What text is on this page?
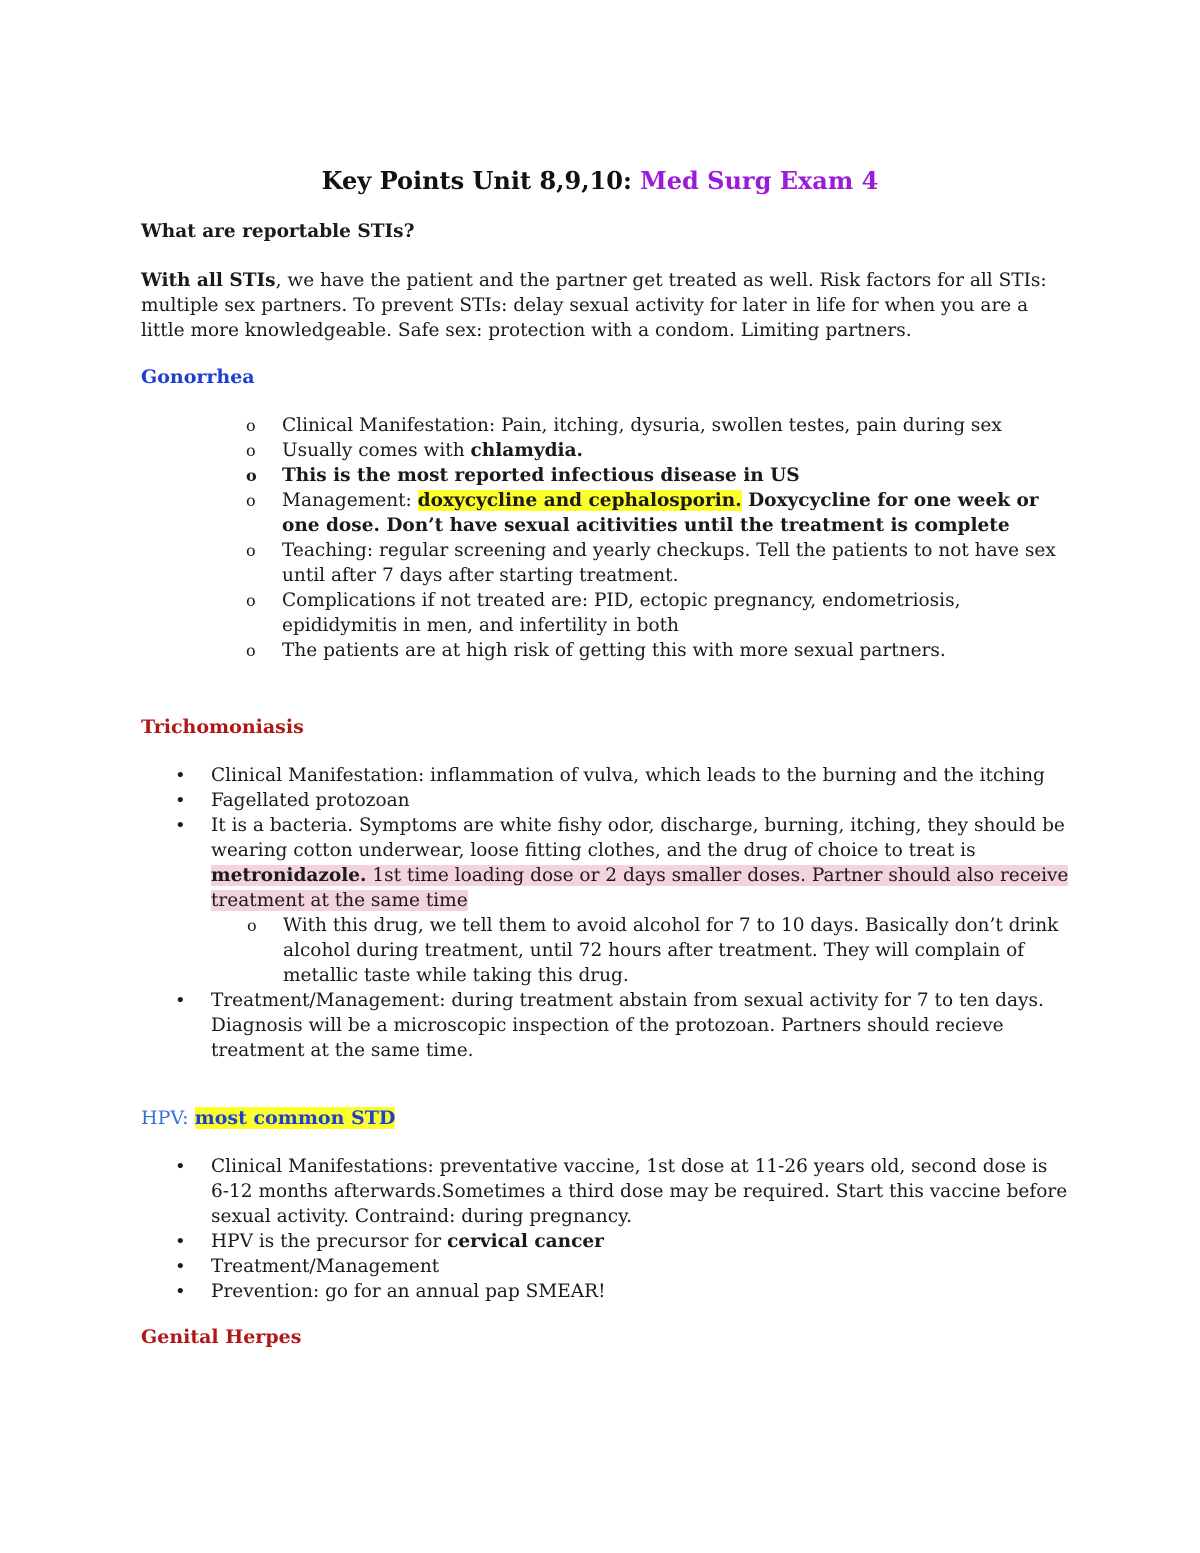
Key Points Unit 8,9,10: Med Surg Exam 4
What are reportable STIs?
With all STIs, we have the patient and the partner get treated as well. Risk factors for all STIs: multiple sex partners. To prevent STIs: delay sexual activity for later in life for when you are a little more knowledgeable. Safe sex: protection with a condom. Limiting partners.
Gonorrhea
o Clinical Manifestation: Pain, itching, dysuria, swollen testes, pain during sex
o Usually comes with chlamydia.
o This is the most reported infectious disease in US
o Management: doxycycline and cephalosporin. Doxycycline for one week or one dose. Don’t have sexual acitivities until the treatment is complete
o Teaching: regular screening and yearly checkups. Tell the patients to not have sex until after 7 days after starting treatment.
o Complications if not treated are: PID, ectopic pregnancy, endometriosis, epididymitis in men, and infertility in both
o The patients are at high risk of getting this with more sexual partners.
Trichomoniasis
• Clinical Manifestation: inflammation of vulva, which leads to the burning and the itching
• Fagellated protozoan
• It is a bacteria. Symptoms are white fishy odor, discharge, burning, itching, they should be wearing cotton underwear, loose fitting clothes, and the drug of choice to treat is metronidazole. 1st time loading dose or 2 days smaller doses. Partner should also receive treatment at the same time
o With this drug, we tell them to avoid alcohol for 7 to 10 days. Basically don’t drink alcohol during treatment, until 72 hours after treatment. They will complain of metallic taste while taking this drug.
• Treatment/Management: during treatment abstain from sexual activity for 7 to ten days. Diagnosis will be a microscopic inspection of the protozoan. Partners should recieve treatment at the same time.
HPV: most common STD
• Clinical Manifestations: preventative vaccine, 1st dose at 11-26 years old, second dose is 6-12 months afterwards.Sometimes a third dose may be required. Start this vaccine before sexual activity. Contraind: during pregnancy.
• HPV is the precursor for cervical cancer
• Treatment/Management
• Prevention: go for an annual pap SMEAR!
Genital Herpes
